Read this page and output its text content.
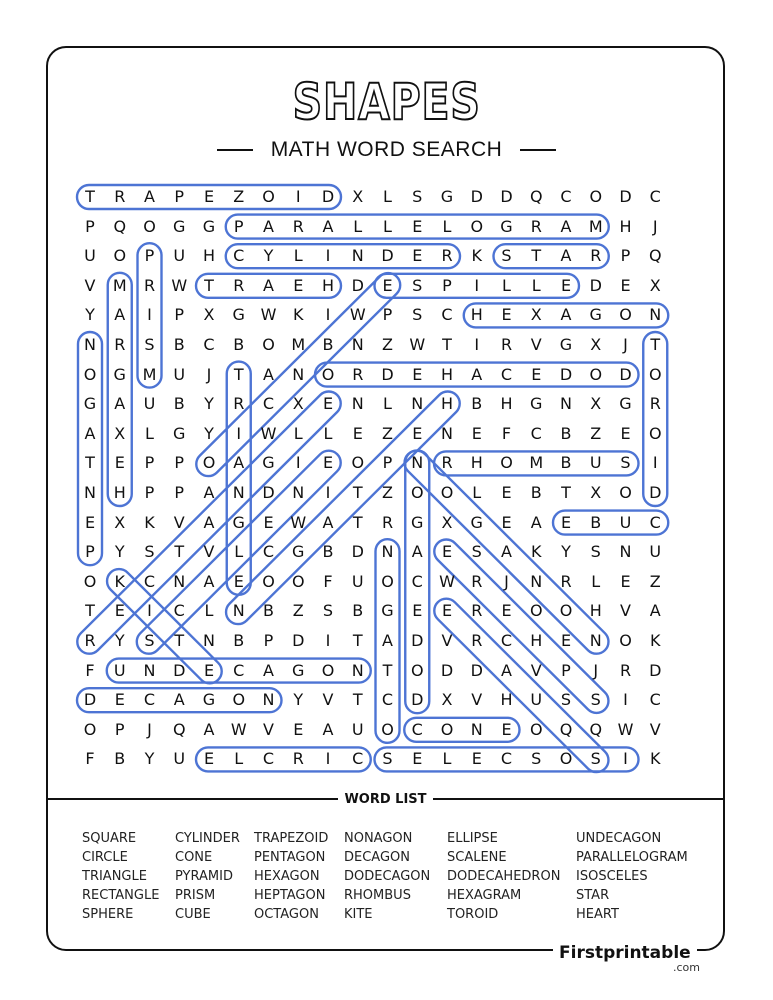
SHAPES
MATH WORD SEARCH
T	R	A	P	E	Z	O	I	D	X	L	S	G	D	D	Q	C	O	D	C
P	Q	O	G	G	P	A	R	A	L	L	E	L	O	G	R	A	M	H	J
U	O	P	U	H	C	Y	L	I	N	D	E	R	K	S	T	A	R	P	Q
V	M	R	W	T	R	A	E	H	D	E	S	P	I	L	L	E	D	E	X
Y	A	I	P	X	G W	K	I	W	P	S	C	H	E	X	A	G	O	N
N	R	S	B	C	B	O	M	B	N	Z	W	T	I	R	V	G	X	J	T
O	G	M	U	J	T	A	N	O	R	D	E	H	A	C	E	D	O	D	O
G	A	U	B	Y	R	C	X	E	N	L	N	H	B	H	G	N	X	G	R
A	X	L	G	Y	I	W	L	L	E	Z	E	N	E	F	C	B	Z	E	O
T	E	P	P	O	A	G	I	E	O	P	N	R	H	O	M	B	U	S	I
N	H	P	P	A	N	D	N	I	T	Z	O	O	L	E	B	T	X	O	D
E	X	K	V	A	G	E	W	A	T	R	G	X	G	E	A	E	B	U	C
P	Y	S	T	V	L	C	G	B	D	N	A	E	S	A	K	Y	S	N	U
O	K	C	N	A	E	O	O	F	U	O	C	W	R	J	N	R	L	E	Z
T	E	I	C	L	N	B	Z	S	B	G	E	E	R	E	O	O	H	V	A
R	Y	S	T	N	B	P	D	I	T	A	D	V	R	C	H	E	N	O	K
F	U	N	D	E	C	A	G	O	N	T	O	D	D	A	V	P	J	R	D
D	E	C	A	G	O	N	Y	V	T	C	D	X	V	H	U	S	S	I	C
O	P	J	Q	A	W	V	E	A	U	O	C	O	N	E	O	Q	Q W	V
F	B	Y	U	E	L	C	R	I	C	S	E	L	E	C	S	O	S	I	K
WORD LIST
SQUARE
CIRCLE
TRIANGLE
RECTANGLE
SPHERE
CYLINDER
CONE
PYRAMID
PRISM
CUBE
TRAPEZOID
PENTAGON
HEXAGON
HEPTAGON
OCTAGON
NONAGON
DECAGON
DODECAGON
RHOMBUS
KITE
ELLIPSE
SCALENE
DODECAHEDRON
HEXAGRAM
TOROID
UNDECAGON
PARALLELOGRAM
ISOSCELES
STAR
HEART
Firstprintable
.com
